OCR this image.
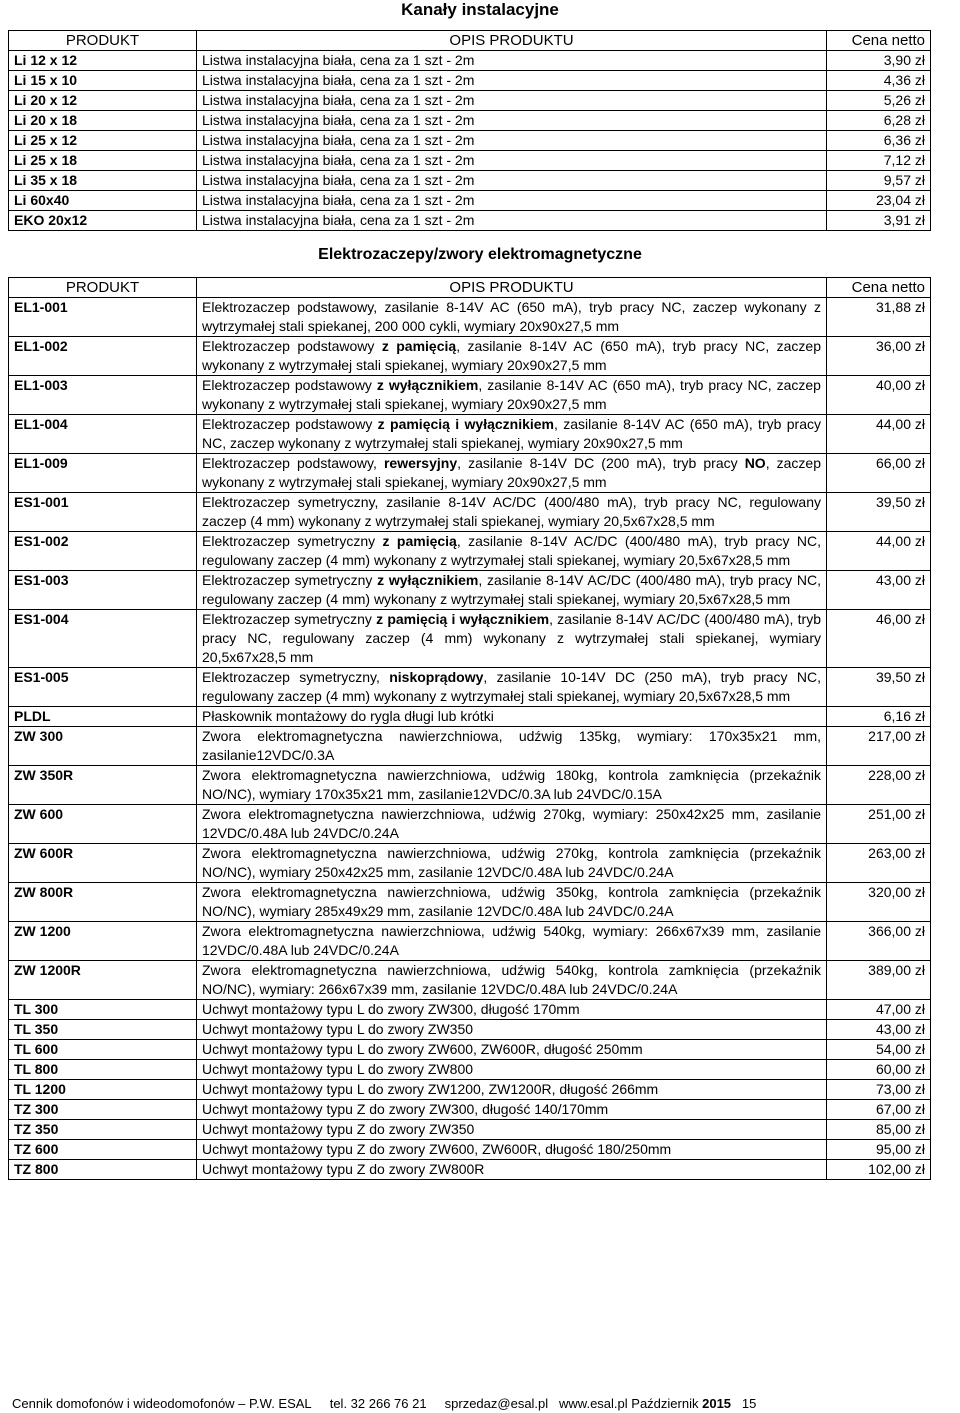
Kanały instalacyjne
PRODUKT	OPIS PRODUKTU	Cena netto
Li 12 x 12	Listwa instalacyjna biała, cena za 1 szt - 2m	3,90 zł
Li 15 x 10	Listwa instalacyjna biała, cena za 1 szt - 2m	4,36 zł
Li 20 x 12	Listwa instalacyjna biała, cena za 1 szt - 2m	5,26 zł
Li 20 x 18	Listwa instalacyjna biała, cena za 1 szt - 2m	6,28 zł
Li 25 x 12	Listwa instalacyjna biała, cena za 1 szt - 2m	6,36 zł
Li 25 x 18	Listwa instalacyjna biała, cena za 1 szt - 2m	7,12 zł
Li 35 x 18	Listwa instalacyjna biała, cena za 1 szt - 2m	9,57 zł
Li 60x40	Listwa instalacyjna biała, cena za 1 szt - 2m	23,04 zł
EKO 20x12	Listwa instalacyjna biała, cena za 1 szt - 2m	3,91 zł
Elektrozaczepy/zwory elektromagnetyczne
PRODUKT	OPIS PRODUKTU	Cena netto
EL1-001	Elektrozaczep podstawowy, zasilanie 8-14V AC (650 mA), tryb pracy NC, zaczep wykonany z wytrzymałej stali spiekanej, 200 000 cykli, wymiary 20x90x27,5 mm	31,88 zł
EL1-002	Elektrozaczep podstawowy z pamięcią, zasilanie 8-14V AC (650 mA), tryb pracy NC, zaczep wykonany z wytrzymałej stali spiekanej, wymiary 20x90x27,5 mm	36,00 zł
EL1-003	Elektrozaczep podstawowy z wyłącznikiem, zasilanie 8-14V AC (650 mA), tryb pracy NC, zaczep wykonany z wytrzymałej stali spiekanej, wymiary 20x90x27,5 mm	40,00 zł
EL1-004	Elektrozaczep podstawowy z pamięcią i wyłącznikiem, zasilanie 8-14V AC (650 mA), tryb pracy NC, zaczep wykonany z wytrzymałej stali spiekanej, wymiary 20x90x27,5 mm	44,00 zł
EL1-009	Elektrozaczep podstawowy, rewersyjny, zasilanie 8-14V DC (200 mA), tryb pracy NO, zaczep wykonany z wytrzymałej stali spiekanej, wymiary 20x90x27,5 mm	66,00 zł
ES1-001	Elektrozaczep symetryczny, zasilanie 8-14V AC/DC (400/480 mA), tryb pracy NC, regulowany zaczep (4 mm) wykonany z wytrzymałej stali spiekanej, wymiary 20,5x67x28,5 mm	39,50 zł
ES1-002	Elektrozaczep symetryczny z pamięcią, zasilanie 8-14V AC/DC (400/480 mA), tryb pracy NC, regulowany zaczep (4 mm) wykonany z wytrzymałej stali spiekanej, wymiary 20,5x67x28,5 mm	44,00 zł
ES1-003	Elektrozaczep symetryczny z wyłącznikiem, zasilanie 8-14V AC/DC (400/480 mA), tryb pracy NC, regulowany zaczep (4 mm) wykonany z wytrzymałej stali spiekanej, wymiary 20,5x67x28,5 mm	43,00 zł
ES1-004	Elektrozaczep symetryczny z pamięcią i wyłącznikiem, zasilanie 8-14V AC/DC (400/480 mA), tryb pracy NC, regulowany zaczep (4 mm) wykonany z wytrzymałej stali spiekanej, wymiary 20,5x67x28,5 mm	46,00 zł
ES1-005	Elektrozaczep symetryczny, niskoprądowy, zasilanie 10-14V DC (250 mA), tryb pracy NC, regulowany zaczep (4 mm) wykonany z wytrzymałej stali spiekanej, wymiary 20,5x67x28,5 mm	39,50 zł
PLDL	Płaskownik montażowy do rygla długi lub krótki	6,16 zł
ZW 300	Zwora elektromagnetyczna nawierzchniowa, udźwig 135kg, wymiary: 170x35x21 mm, zasilanie12VDC/0.3A	217,00 zł
ZW 350R	Zwora elektromagnetyczna nawierzchniowa, udźwig 180kg, kontrola zamknięcia (przekaźnik NO/NC), wymiary 170x35x21 mm, zasilanie12VDC/0.3A lub 24VDC/0.15A	228,00 zł
ZW 600	Zwora elektromagnetyczna nawierzchniowa, udźwig 270kg, wymiary: 250x42x25 mm, zasilanie 12VDC/0.48A lub 24VDC/0.24A	251,00 zł
ZW 600R	Zwora elektromagnetyczna nawierzchniowa, udźwig 270kg, kontrola zamknięcia (przekaźnik NO/NC), wymiary 250x42x25 mm, zasilanie 12VDC/0.48A lub 24VDC/0.24A	263,00 zł
ZW 800R	Zwora elektromagnetyczna nawierzchniowa, udźwig 350kg, kontrola zamknięcia (przekaźnik NO/NC), wymiary 285x49x29 mm, zasilanie 12VDC/0.48A lub 24VDC/0.24A	320,00 zł
ZW 1200	Zwora elektromagnetyczna nawierzchniowa, udźwig 540kg, wymiary: 266x67x39 mm, zasilanie 12VDC/0.48A lub 24VDC/0.24A	366,00 zł
ZW 1200R	Zwora elektromagnetyczna nawierzchniowa, udźwig 540kg, kontrola zamknięcia (przekaźnik NO/NC), wymiary: 266x67x39 mm, zasilanie 12VDC/0.48A lub 24VDC/0.24A	389,00 zł
TL 300	Uchwyt montażowy typu L do zwory ZW300, długość 170mm	47,00 zł
TL 350	Uchwyt montażowy typu L do zwory ZW350	43,00 zł
TL 600	Uchwyt montażowy typu L do zwory ZW600, ZW600R, długość 250mm	54,00 zł
TL 800	Uchwyt montażowy typu L do zwory ZW800	60,00 zł
TL 1200	Uchwyt montażowy typu L do zwory ZW1200, ZW1200R, długość 266mm	73,00 zł
TZ 300	Uchwyt montażowy typu Z do zwory ZW300, długość 140/170mm	67,00 zł
TZ 350	Uchwyt montażowy typu Z do zwory ZW350	85,00 zł
TZ 600	Uchwyt montażowy typu Z do zwory ZW600, ZW600R, długość 180/250mm	95,00 zł
TZ 800	Uchwyt montażowy typu Z do zwory ZW800R	102,00 zł
Cennik domofonów i wideodomofonów – P.W. ESAL tel. 32 266 76 21 sprzedaz@esal.pl www.esal.pl Październik 2015 15
